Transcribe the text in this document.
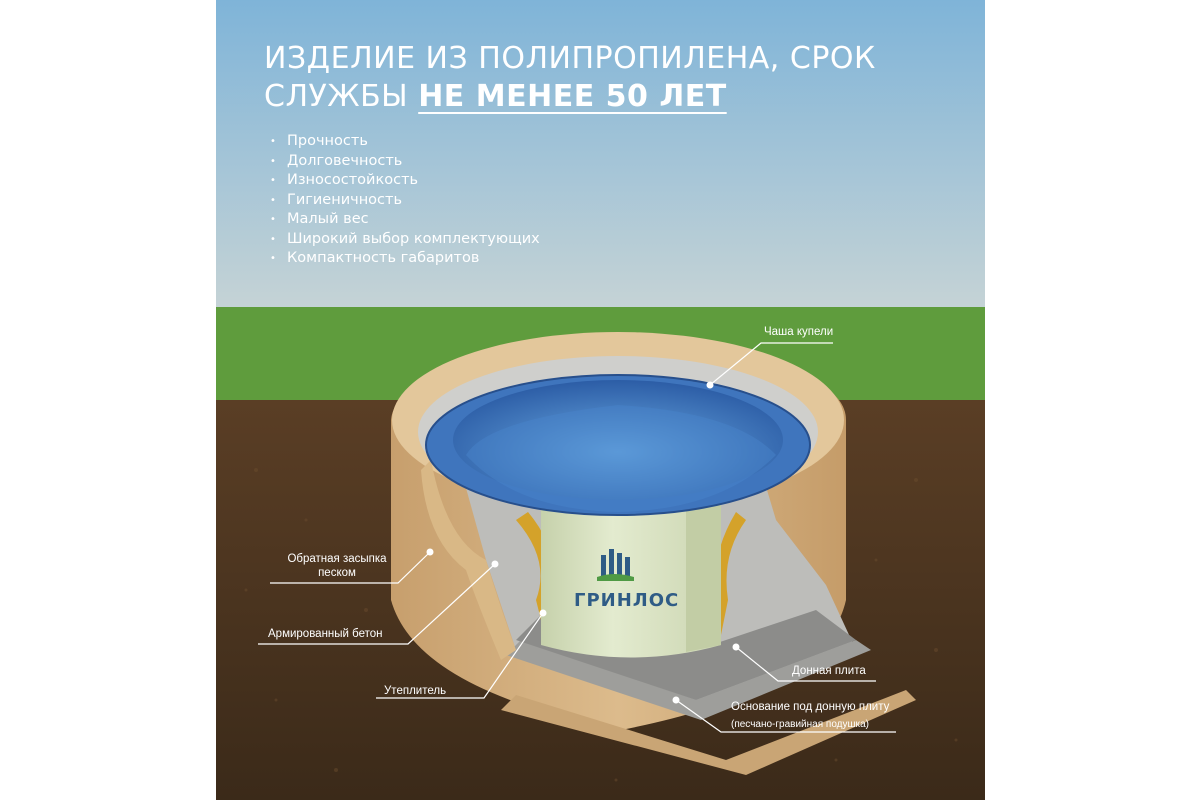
ИЗДЕЛИЕ ИЗ ПОЛИПРОПИЛЕНА, СРОК
СЛУЖБЫ НЕ МЕНЕЕ 50 ЛЕТ
• Прочность
• Долговечность
• Износостойкость
• Гигиеничность
• Малый вес
• Широкий выбор комплектующих
• Компактность габаритов
ГРИНЛОС
Чаша купели
Обратная засыпка
песком
Армированный бетон
Утеплитель
Донная плита
Основание под донную плиту
(песчано-гравийная подушка)
